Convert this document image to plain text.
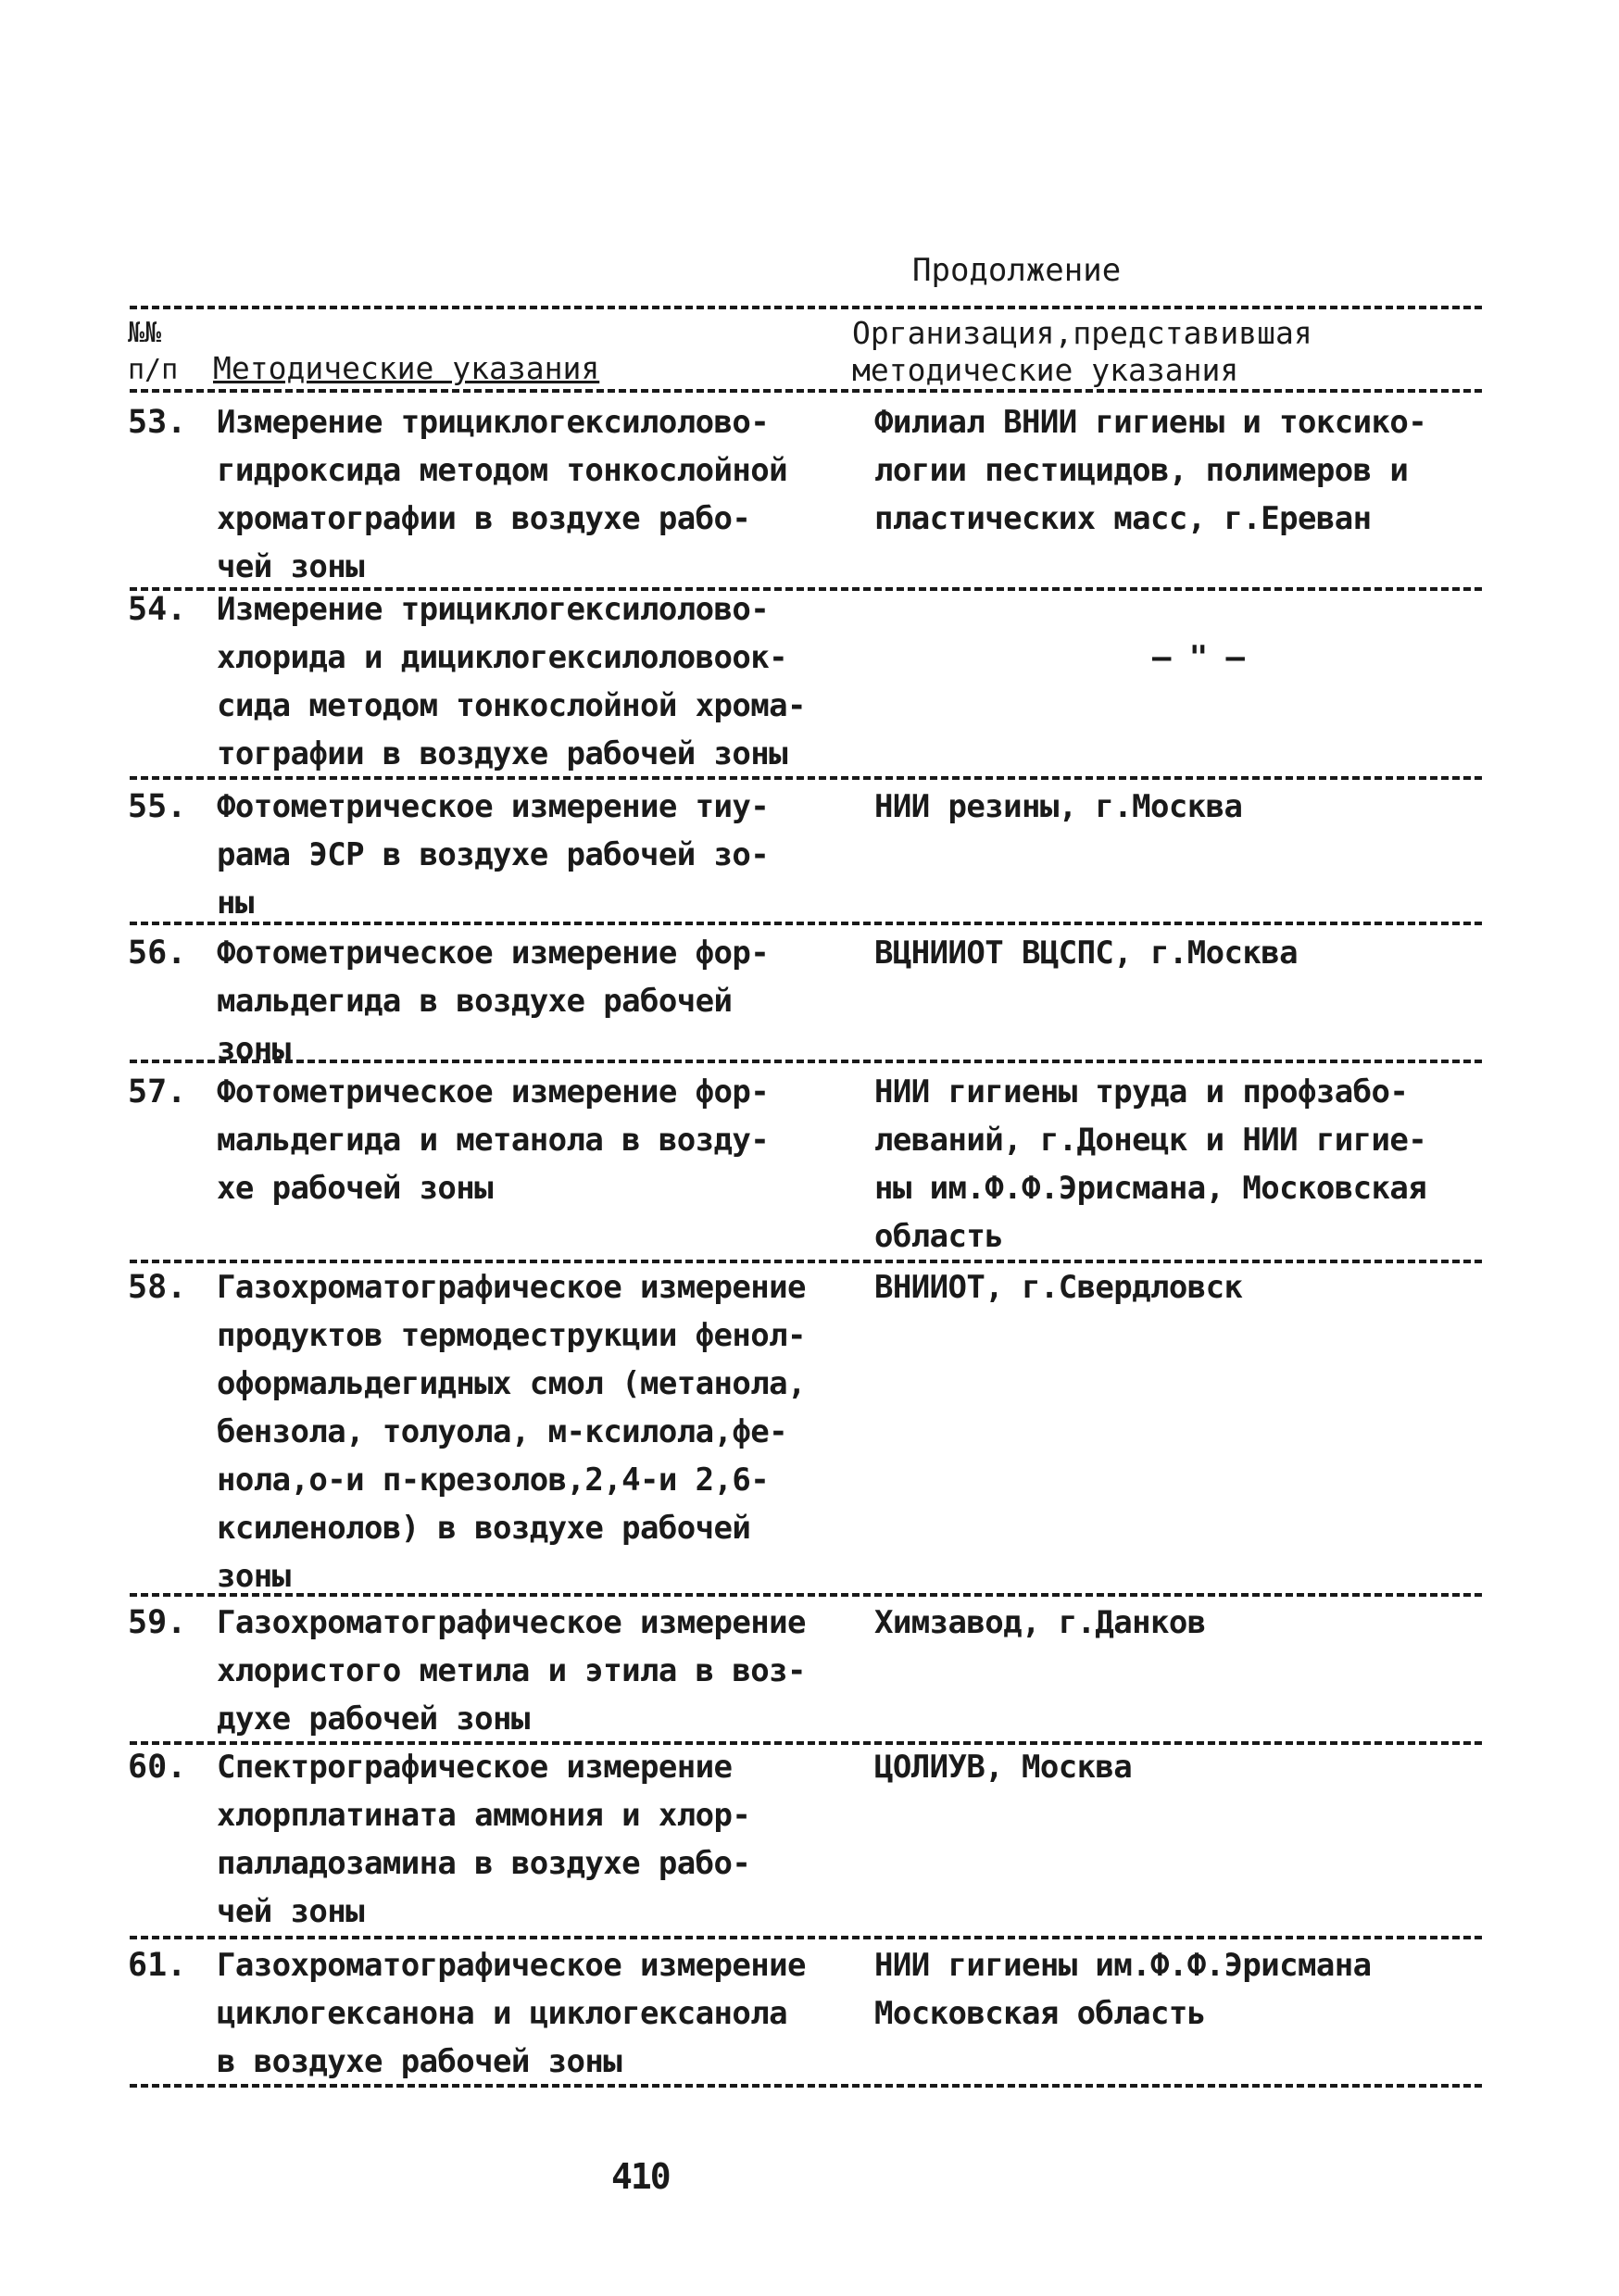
Продолжение
№№
п/п	Методические указания
Организация,представившая
методические указания
53. Измерение трициклогексилолово-
гидроксида методом тонкослойной
хроматографии в воздухе рабо-
чей зоны
Филиал ВНИИ гигиены и токсико-
логии пестицидов, полимеров и
пластических масс, г.Ереван
54. Измерение трициклогексилолово-
хлорида и дициклогексилоловоок-
сида методом тонкослойной хрома-
тографии в воздухе рабочей зоны

– " –
55. Фотометрическое измерение тиу-
рама ЭСР в воздухе рабочей зо-
ны
НИИ резины, г.Москва
56. Фотометрическое измерение фор-
мальдегида в воздухе рабочей
зоны
ВЦНИИОТ ВЦСПС, г.Москва
57. Фотометрическое измерение фор-
мальдегида и метанола в возду-
хе рабочей зоны
НИИ гигиены труда и профзабо-
леваний, г.Донецк и НИИ гигие-
ны им.Ф.Ф.Эрисмана, Московская
область
58. Газохроматографическое измерение
продуктов термодеструкции фенол-
оформальдегидных смол (метанола,
бензола, толуола, м-ксилола,фе-
нола,о-и п-крезолов,2,4-и 2,6-
ксиленолов) в воздухе рабочей
зоны
ВНИИОТ, г.Свердловск
59. Газохроматографическое измерение
хлористого метила и этила в воз-
духе рабочей зоны
Химзавод, г.Данков
60. Спектрографическое измерение
хлорплатината аммония и хлор-
палладозамина в воздухе рабо-
чей зоны
ЦОЛИУВ, Москва
61. Газохроматографическое измерение
циклогексанона и циклогексанола
в воздухе рабочей зоны
НИИ гигиены им.Ф.Ф.Эрисмана
Московская область
410
